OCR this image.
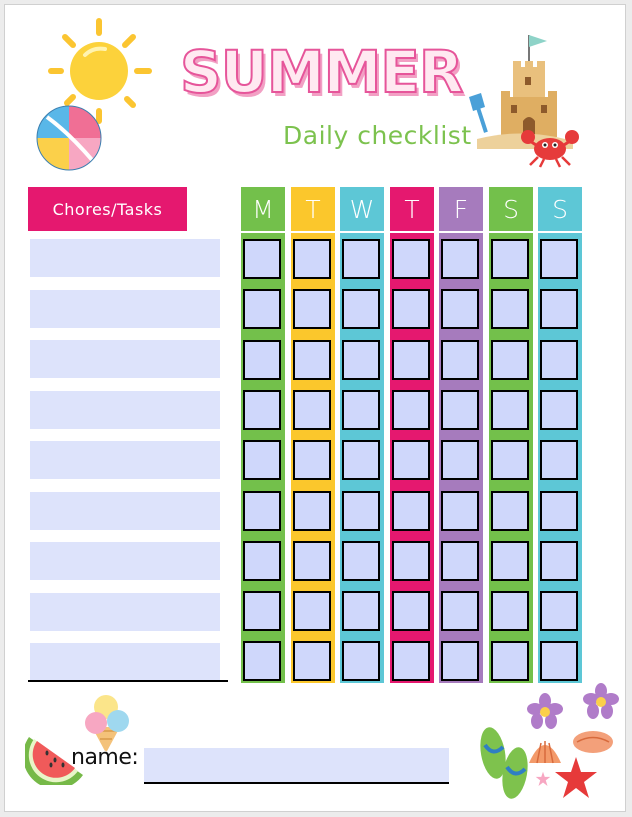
SUMMER
Daily checklist
Chores/Tasks	M	T	W	T	F	S	S
name:
